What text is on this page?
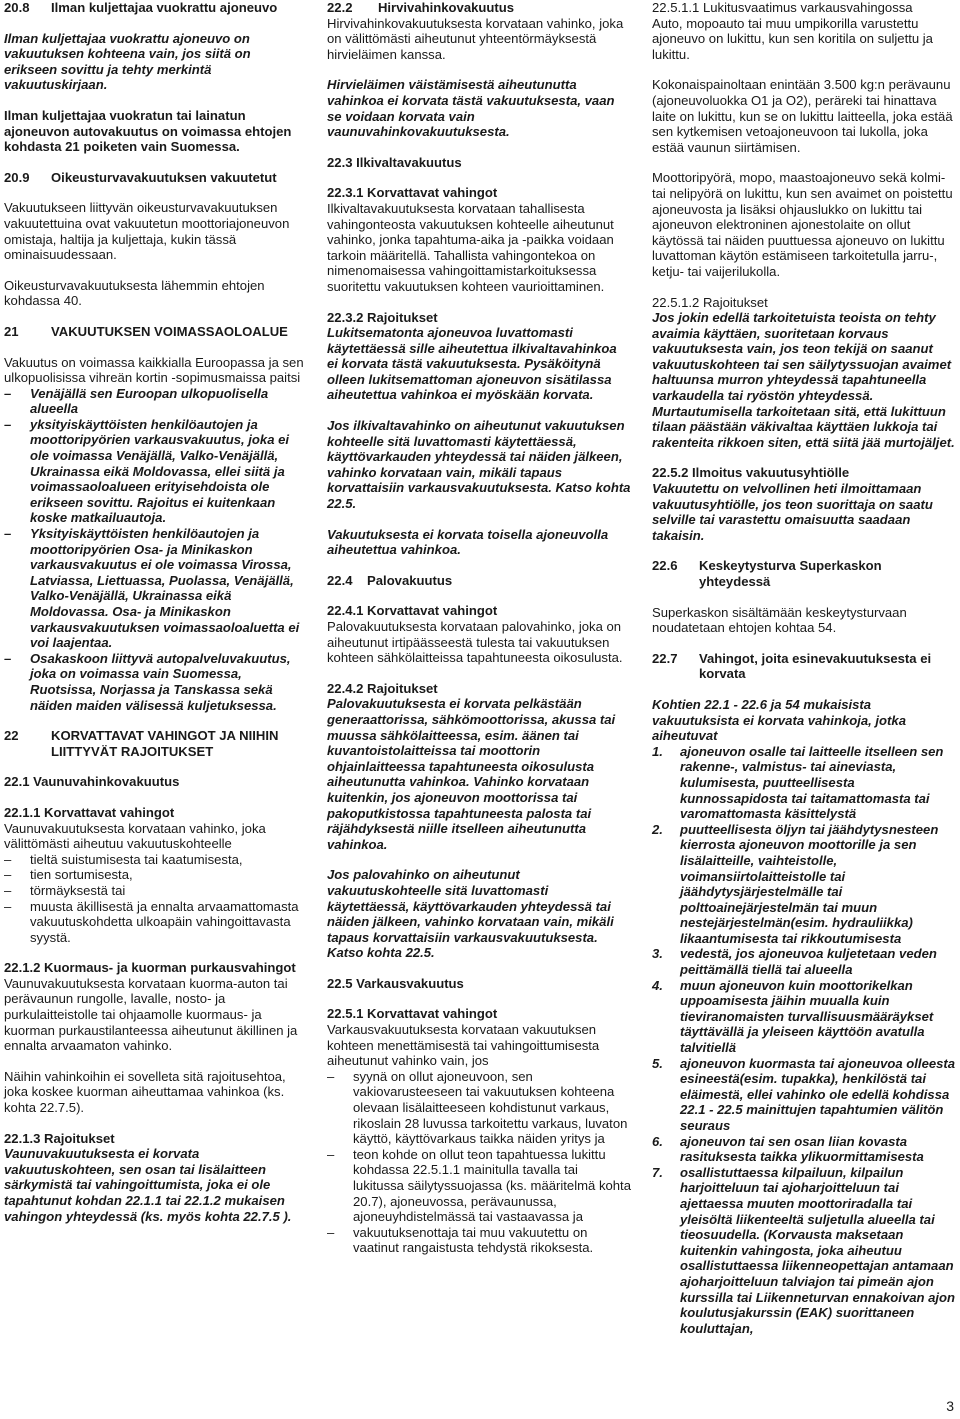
20.8	Ilman kuljettajaa vuokrattu ajoneuvo

Ilman kuljettajaa vuokrattu ajoneuvo on vakuutuksen kohteena vain, jos siitä on erikseen sovittu ja tehty merkintä vakuutuskirjaan.

Ilman kuljettajaa vuokratun tai lainatun ajoneuvon autovakuutus on voimassa ehtojen kohdasta 21 poiketen vain Suomessa.

20.9	Oikeusturvavakuutuksen vakuutetut

Vakuutukseen liittyvän oikeusturvavakuutuksen vakuutettuina ovat vakuutetun moottoriajoneuvon omistaja, haltija ja kuljettaja, kukin tässä ominaisuudessaan.

Oikeusturvavakuutuksesta lähemmin ehtojen kohdassa 40.

21	VAKUUTUKSEN VOIMASSAOLOALUE

Vakuutus on voimassa kaikkialla Euroopassa ja sen ulkopuolisissa vihreän kortin -sopimusmaissa paitsi

–	Venäjällä sen Euroopan ulkopuolisella alueella
–	yksityiskäyttöisten henkilöautojen ja moottoripyörien varkausvakuutus, joka ei ole voimassa Venäjällä, Valko-Venäjällä, Ukrainassa eikä Moldovassa, ellei siitä ja voimassaoloalueen erityisehdoista ole erikseen sovittu. Rajoitus ei kuitenkaan koske matkailuautoja.
–	Yksityiskäyttöisten henkilöautojen ja moottoripyörien Osa- ja Minikaskon varkausvakuutus ei ole voimassa Virossa, Latviassa, Liettuassa, Puolassa, Venäjällä, Valko-Venäjällä, Ukrainassa eikä Moldovassa. Osa- ja Minikaskon varkausvakuutuksen voimassaoloaluetta ei voi laajentaa.
–	Osakaskoon liittyvä autopalveluvakuutus, joka on voimassa vain Suomessa, Ruotsissa, Norjassa ja Tanskassa sekä näiden maiden välisessä kuljetuksessa.
22	KORVATTAVAT VAHINGOT JA NIIHIN LIITTYVÄT RAJOITUKSET

22.1 Vaunuvahinkovakuutus

22.1.1 Korvattavat vahingot

Vaunuvakuutuksesta korvataan vahinko, joka välittömästi aiheutuu vakuutuskohteelle

–	tieltä suistumisesta tai kaatumisesta,
–	tien sortumisesta,
–	törmäyksestä tai
–	muusta äkillisestä ja ennalta arvaamattomasta vakuutuskohdetta ulkoapäin vahingoittavasta syystä.

22.1.2 Kuormaus- ja kuorman purkausvahingot

Vaunuvakuutuksesta korvataan kuorma-auton tai perävaunun rungolle, lavalle, nosto- ja purkulaitteistolle tai ohjaamolle kuormaus- ja kuorman purkaustilanteessa aiheutunut äkillinen ja ennalta arvaamaton vahinko.

Näihin vahinkoihin ei sovelleta sitä rajoitusehtoa, joka koskee kuorman aiheuttamaa vahinkoa (ks. kohta 22.7.5).

22.1.3 Rajoitukset

Vaunuvakuutuksesta ei korvata vakuutuskohteen, sen osan tai lisälaitteen särkymistä tai vahingoittumista, joka ei ole tapahtunut kohdan 22.1.1 tai 22.1.2 mukaisen vahingon yhteydessä (ks. myös kohta 22.7.5 ).

22.2       Hirvivahinkovakuutus

Hirvivahinkovakuutuksesta korvataan vahinko, joka on välittömästi aiheutunut yhteentörmäyksestä hirvieläimen kanssa.

Hirvieläimen väistämisestä aiheutunutta vahinkoa ei korvata tästä vakuutuksesta, vaan se voidaan korvata vain vaunuvahinkovakuutuksesta.

22.3 Ilkivaltavakuutus

22.3.1 Korvattavat vahingot

Ilkivaltavakuutuksesta korvataan tahallisesta vahingonteosta vakuutuksen kohteelle aiheutunut vahinko, jonka tapahtuma-aika ja -paikka voidaan tarkoin määritellä. Tahallista vahingontekoa on nimenomaisessa vahingoittamistarkoituksessa suoritettu vakuutuksen kohteen vaurioittaminen.

22.3.2 Rajoitukset

Lukitsematonta ajoneuvoa luvattomasti käytettäessä sille aiheutettua ilkivaltavahinkoa ei korvata tästä vakuutuksesta. Pysäköitynä olleen lukitsemattoman ajoneuvon sisätilassa aiheutettua vahinkoa ei myöskään korvata.

Jos ilkivaltavahinko on aiheutunut vakuutuksen kohteelle sitä luvattomasti käytettäessä, käyttövarkauden yhteydessä tai näiden jälkeen, vahinko korvataan vain, mikäli tapaus korvattaisiin varkausvakuutuksesta. Katso kohta 22.5.

Vakuutuksesta ei korvata toisella ajoneuvolla aiheutettua vahinkoa.

22.4    Palovakuutus

22.4.1 Korvattavat vahingot

Palovakuutuksesta korvataan palovahinko, joka on aiheutunut irtipäässeestä tulesta tai vakuutuksen kohteen sähkölaitteissa tapahtuneesta oikosulusta.

22.4.2 Rajoitukset

Palovakuutuksesta ei korvata pelkästään generaattorissa, sähkömoottorissa, akussa tai muussa sähkölaitteessa, esim. äänen tai kuvantoistolaitteissa tai moottorin ohjainlaitteessa tapahtuneesta oikosulusta aiheutunutta vahinkoa. Vahinko korvataan kuitenkin, jos ajoneuvon moottorissa tai pakoputkistossa tapahtuneesta palosta tai räjähdyksestä niille itselleen aiheutunutta vahinkoa.

Jos palovahinko on aiheutunut vakuutuskohteelle sitä luvattomasti käytettäessä, käyttövarkauden yhteydessä tai näiden jälkeen, vahinko korvataan vain, mikäli tapaus korvattaisiin varkausvakuutuksesta. Katso kohta 22.5.

22.5 Varkausvakuutus

22.5.1 Korvattavat vahingot

Varkausvakuutuksesta korvataan vakuutuksen kohteen menettämisestä tai vahingoittumisesta aiheutunut vahinko vain, jos

–	syynä on ollut ajoneuvoon, sen vakiovarusteeseen tai vakuutuksen kohteena olevaan lisälaitteeseen kohdistunut varkaus, rikoslain 28 luvussa tarkoitettu varkaus, luvaton käyttö, käyttövarkaus taikka näiden yritys ja
–	teon kohde on ollut teon tapahtuessa lukittu kohdassa 22.5.1.1 mainitulla tavalla tai lukitussa säilytyssuojassa (ks. määritelmä kohta 20.7), ajoneuvossa, perävaunussa, ajoneuyhdistelmässä tai vastaavassa ja
–	vakuutuksenottaja tai muu vakuutettu on vaatinut rangaistusta tehdystä rikoksesta.

22.5.1.1 Lukitusvaatimus varkausvahingossa

Auto, mopoauto tai muu umpikorilla varustettu ajoneuvo on lukittu, kun sen koritila on suljettu ja lukittu.

Kokonaispainoltaan enintään 3.500 kg:n perävaunu (ajoneuvoluokka O1 ja O2), peräreki tai hinattava laite on lukittu, kun se on lukittu laitteella, joka estää sen kytkemisen vetoajoneuvoon tai lukolla, joka estää vaunun siirtämisen.

Moottoripyörä, mopo, maastoajoneuvo sekä kolmi- tai nelipyörä on lukittu, kun sen avaimet on poistettu ajoneuvosta ja lisäksi ohjauslukko on lukittu tai ajoneuvon elektroninen ajonestolaite on ollut käytössä tai näiden puuttuessa ajoneuvo on lukittu luvattoman käytön estämiseen tarkoitetulla jarru-, ketju- tai vaijerilukolla.

22.5.1.2 Rajoitukset

Jos jokin edellä tarkoitetuista teoista on tehty avaimia käyttäen, suoritetaan korvaus vakuutuksesta vain, jos teon tekijä on saanut vakuutuskohteen tai sen säilytyssuojan avaimet haltuunsa murron yhteydessä tapahtuneella varkaudella tai ryöstön yhteydessä. Murtautumisella tarkoitetaan sitä, että lukittuun tilaan päästään väkivaltaa käyttäen lukkoja tai rakenteita rikkoen siten, että siitä jää murtojäljet.

22.5.2 Ilmoitus vakuutusyhtiölle

Vakuutettu on velvollinen heti ilmoittamaan vakuutusyhtiölle, jos teon suorittaja on saatu selville tai varastettu omaisuutta saadaan takaisin.

22.6	Keskeytysturva Superkaskon yhteydessä

Superkaskon sisältämään keskeytysturvaan noudatetaan ehtojen kohtaa 54.

22.7	Vahingot, joita esinevakuutuksesta ei korvata

Kohtien 22.1 - 22.6 ja 54 mukaisista vakuutuksista ei korvata vahinkoja, jotka aiheutuvat

1.	ajoneuvon osalle tai laitteelle itselleen sen rakenne-, valmistus- tai aineviasta, kulumisesta, puutteellisesta kunnossapidosta tai taitamattomasta tai varomattomasta käsittelystä
2.	puutteellisesta öljyn tai jäähdytysnesteen kierrosta ajoneuvon moottorille ja sen lisälaitteille, vaihteistolle, voimansiirtolaitteistolle tai jäähdytysjärjestelmälle tai polttoainejärjestelmän tai muun nestejärjestelmän(esim. hydrauliikka) likaantumisesta tai rikkoutumisesta
3.	vedestä, jos ajoneuvoa kuljetetaan veden peittämällä tiellä tai alueella
4.	muun ajoneuvon kuin moottorikelkan uppoamisesta jäihin muualla kuin tieviranomaisten turvallisuusmääräykset täyttävällä ja yleiseen käyttöön avatulla talvitiellä
5.	ajoneuvon kuormasta tai ajoneuvoa olleesta esineestä(esim. tupakka), henkilöstä tai eläimestä, ellei vahinko ole edellä kohdissa 22.1 - 22.5 mainittujen tapahtumien välitön seuraus
6.	ajoneuvon tai sen osan liian kovasta rasituksesta taikka ylikuormittamisesta
7.	osallistuttaessa kilpailuun, kilpailun harjoitteluun tai ajoharjoitteluun tai ajettaessa muuten moottoriradalla tai yleisöltä liikenteeltä suljetulla alueella tai tieosuudella. (Korvausta maksetaan kuitenkin vahingosta, joka aiheutuu osallistuttaessa liikenneopettajan antamaan ajoharjoitteluun talviajon tai pimeän ajon kurssilla tai Liikenneturvan ennakoivan ajon koulutusjakurssin (EAK) suorittaneen kouluttajan,
3
